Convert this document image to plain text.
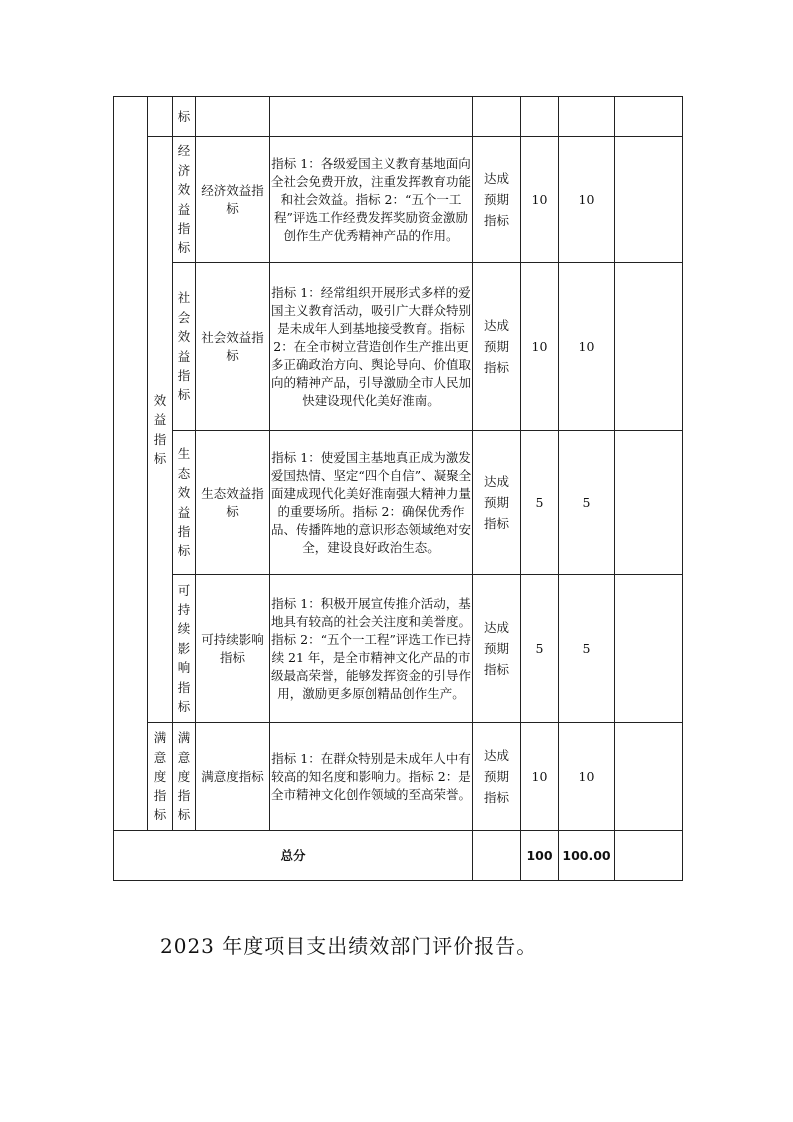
		标						

	效益指标	经济效益指标	经济效益指标	指标 1：各级爱国主义教育基地面向全社会免费开放，注重发挥教育功能和社会效益。指标 2：“五个一工程”评选工作经费发挥奖励资金激励创作生产优秀精神产品的作用。	达成预期指标	10	10	

		社会效益指标	社会效益指标	指标 1：经常组织开展形式多样的爱国主义教育活动，吸引广大群众特别是未成年人到基地接受教育。指标 2：在全市树立营造创作生产推出更多正确政治方向、舆论导向、价值取向的精神产品，引导激励全市人民加快建设现代化美好淮南。	达成预期指标	10	10	

		生态效益指标	生态效益指标	指标 1：使爱国主基地真正成为激发爱国热情、坚定“四个自信”、凝聚全面建成现代化美好淮南强大精神力量的重要场所。指标 2：确保优秀作品、传播阵地的意识形态领域绝对安全，建设良好政治生态。	达成预期指标	5	5	

		可持续影响指标	可持续影响指标	指标 1：积极开展宣传推介活动，基地具有较高的社会关注度和美誉度。指标 2：“五个一工程”评选工作已持续 21 年，是全市精神文化产品的市级最高荣誉，能够发挥资金的引导作用，激励更多原创精品创作生产。	达成预期指标	5	5	

	满意度指标	满意度指标	满意度指标	指标 1：在群众特别是未成年人中有较高的知名度和影响力。指标 2：是全市精神文化创作领域的至高荣誉。	达成预期指标	10	10	
总分						100	100.00	
2023 年度项目支出绩效部门评价报告。
